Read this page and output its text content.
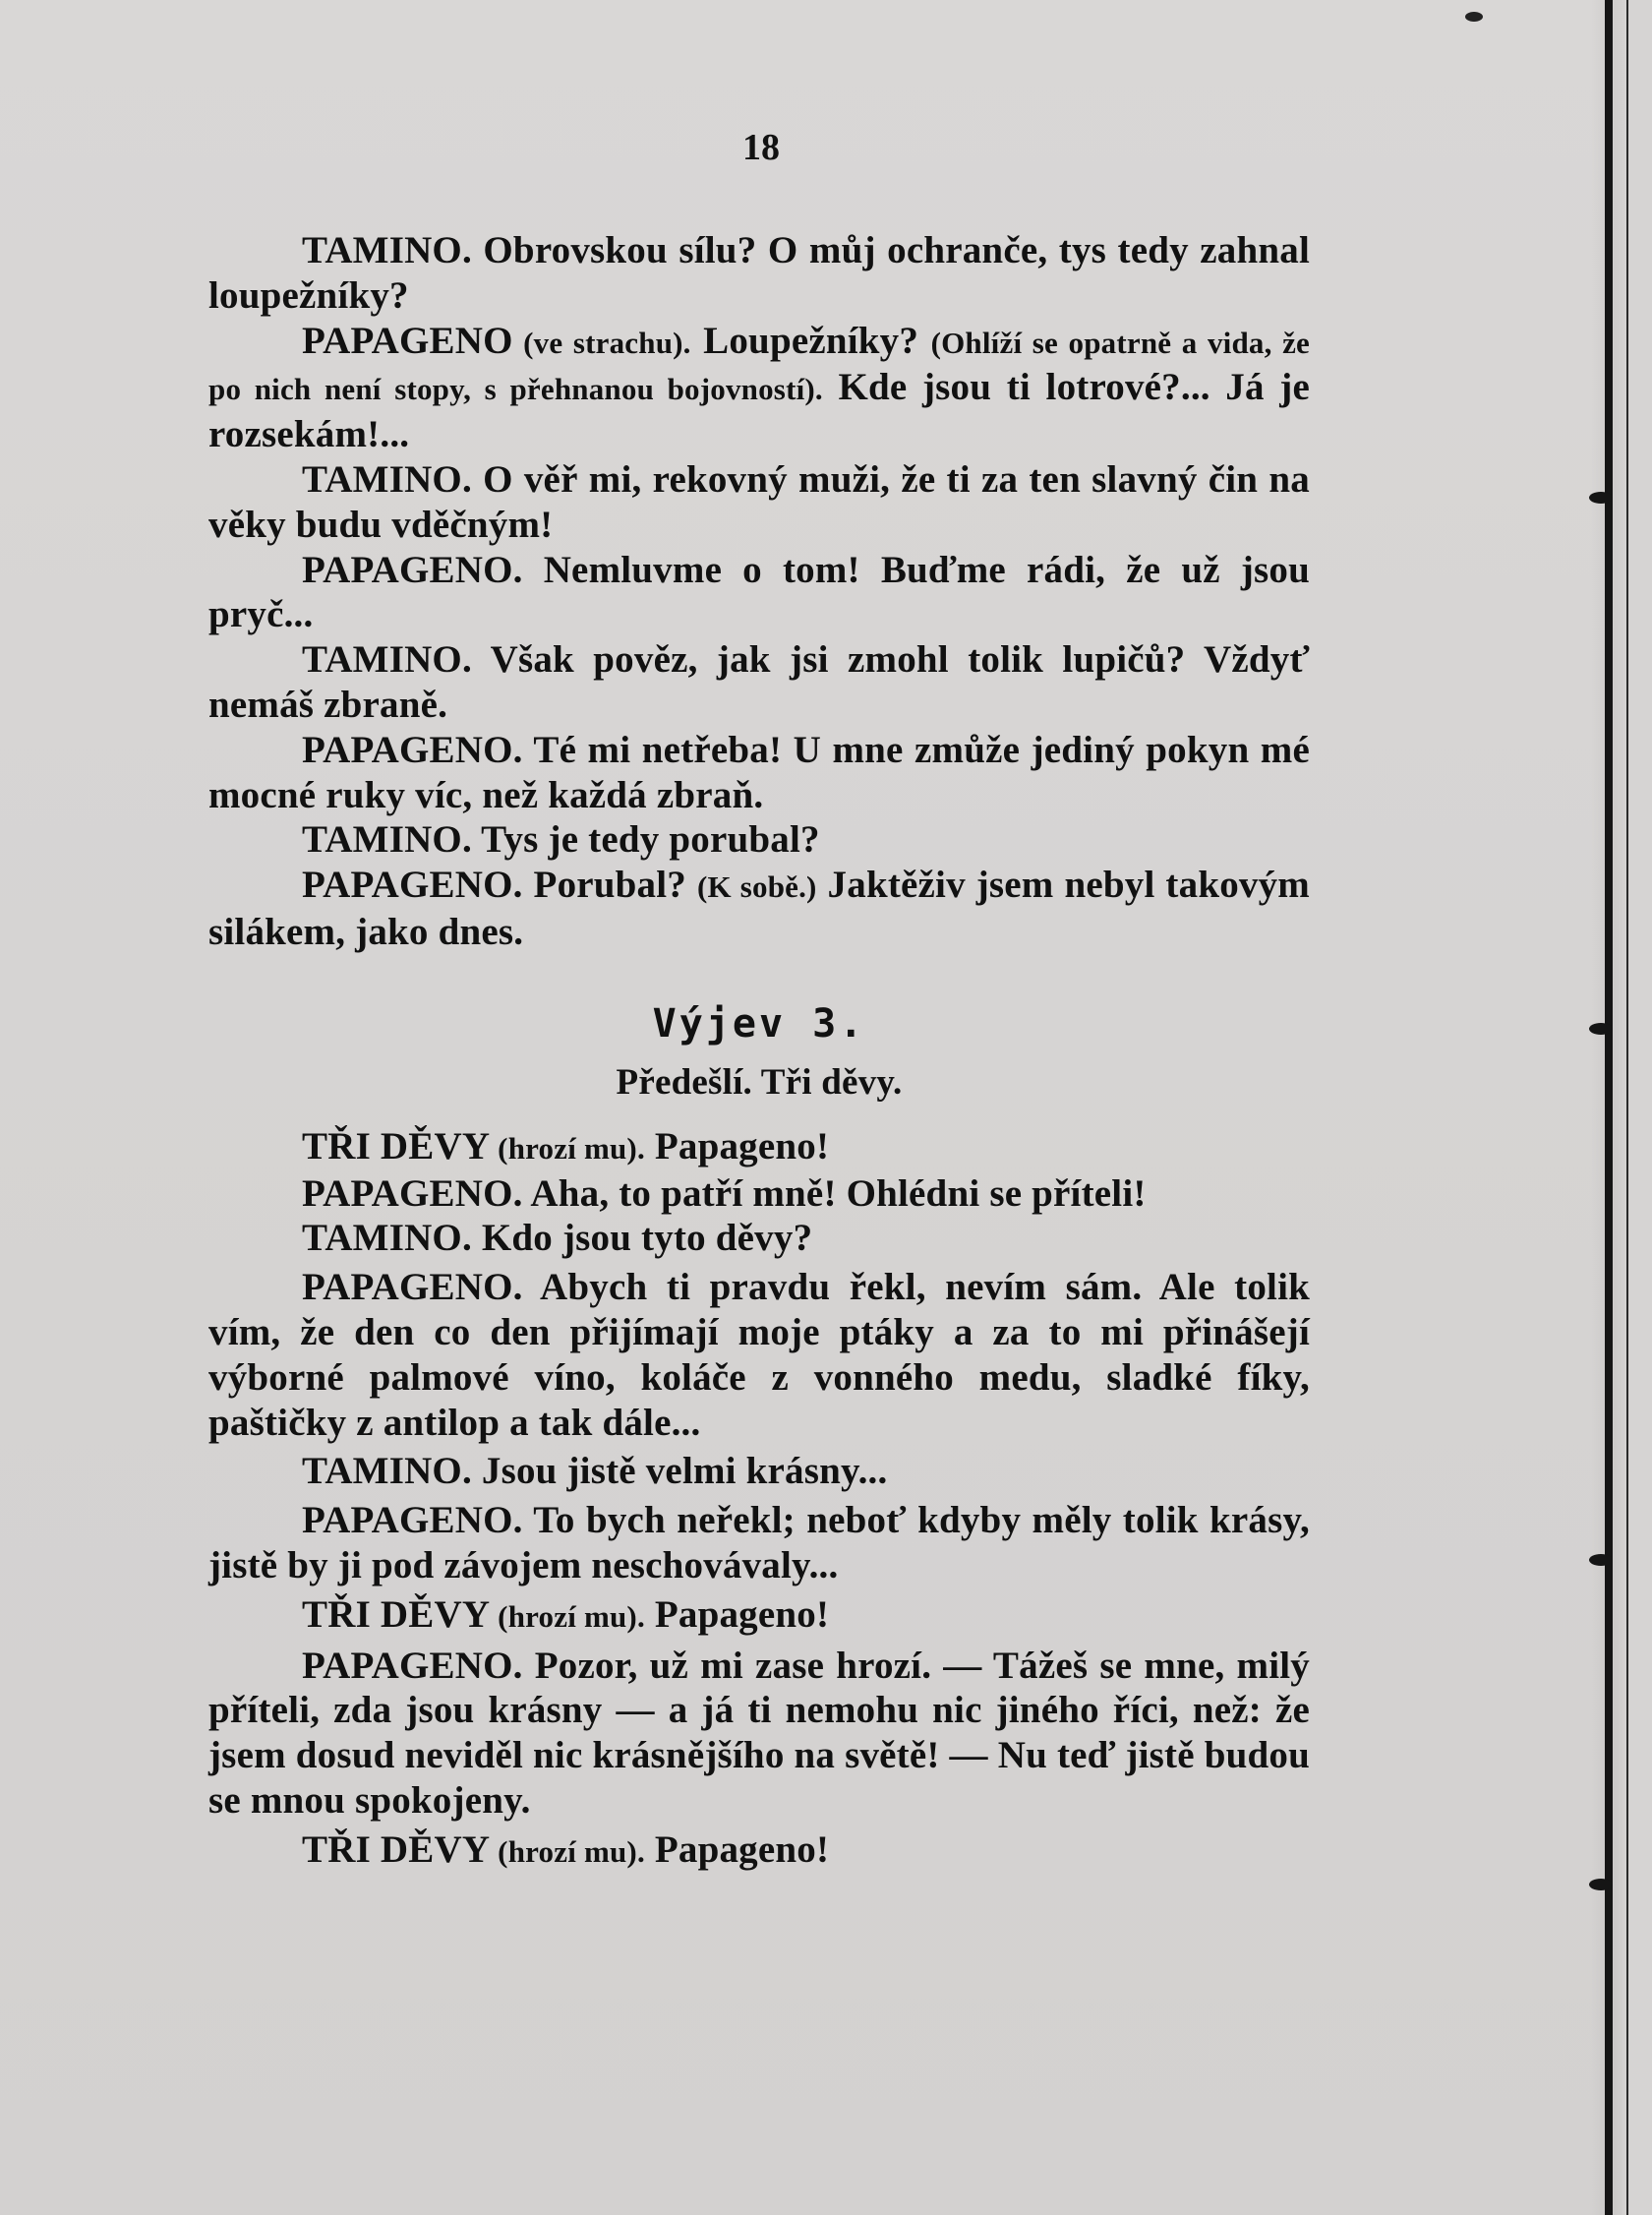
18

TAMINO. Obrovskou sílu? O můj ochranče, tys tedy zahnal loupežníky?

PAPAGENO (ve strachu). Loupežníky? (Ohlíží se opatrně a vida, že po nich není stopy, s přehnanou bojovností). Kde jsou ti lotrové?... Já je rozsekám!...

TAMINO. O věř mi, rekovný muži, že ti za ten slavný čin na věky budu vděčným!

PAPAGENO. Nemluvme o tom! Buďme rádi, že už jsou pryč...

TAMINO. Však pověz, jak jsi zmohl tolik lupičů? Vždyť nemáš zbraně.

PAPAGENO. Té mi netřeba! U mne zmůže jediný pokyn mé mocné ruky víc, než každá zbraň.

TAMINO. Tys je tedy porubal?

PAPAGENO. Porubal? (K sobě.) Jaktěživ jsem nebyl takovým silákem, jako dnes.

Výjev 3.
Předešlí. Tři děvy.

TŘI DĚVY (hrozí mu). Papageno!

PAPAGENO. Aha, to patří mně! Ohlédni se příteli!

TAMINO. Kdo jsou tyto děvy?

PAPAGENO. Abych ti pravdu řekl, nevím sám. Ale tolik vím, že den co den přijímají moje ptáky a za to mi přinášejí výborné palmové víno, koláče z vonného medu, sladké fíky, paštičky z antilop a tak dále...

TAMINO. Jsou jistě velmi krásny...

PAPAGENO. To bych neřekl; neboť kdyby měly tolik krásy, jistě by ji pod závojem neschovávaly...

TŘI DĚVY (hrozí mu). Papageno!

PAPAGENO. Pozor, už mi zase hrozí. — Tážeš se mne, milý příteli, zda jsou krásny — a já ti nemohu nic jiného říci, než: že jsem dosud neviděl nic krásnějšího na světě! — Nu teď jistě budou se mnou spokojeny.

TŘI DĚVY (hrozí mu). Papageno!
